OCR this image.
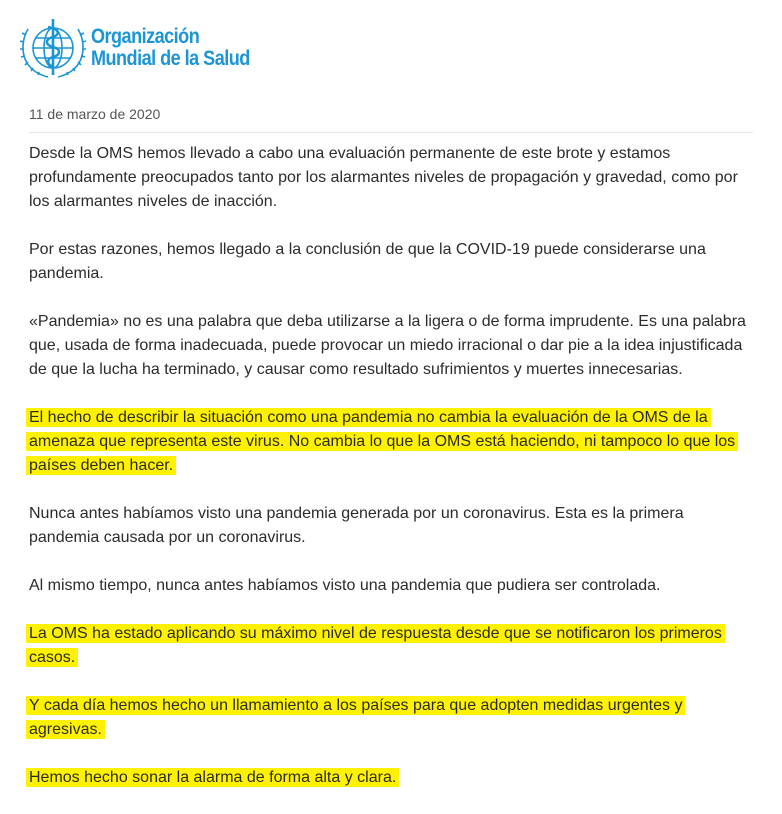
Organización
Mundial de la Salud
11 de marzo de 2020

Desde la OMS hemos llevado a cabo una evaluación permanente de este brote y estamos profundamente preocupados tanto por los alarmantes niveles de propagación y gravedad, como por los alarmantes niveles de inacción.

Por estas razones, hemos llegado a la conclusión de que la COVID-19 puede considerarse una pandemia.

«Pandemia» no es una palabra que deba utilizarse a la ligera o de forma imprudente. Es una palabra que, usada de forma inadecuada, puede provocar un miedo irracional o dar pie a la idea injustificada de que la lucha ha terminado, y causar como resultado sufrimientos y muertes innecesarias.

El hecho de describir la situación como una pandemia no cambia la evaluación de la OMS de la amenaza que representa este virus. No cambia lo que la OMS está haciendo, ni tampoco lo que los países deben hacer.

Nunca antes habíamos visto una pandemia generada por un coronavirus. Esta es la primera pandemia causada por un coronavirus.

Al mismo tiempo, nunca antes habíamos visto una pandemia que pudiera ser controlada.

La OMS ha estado aplicando su máximo nivel de respuesta desde que se notificaron los primeros casos.

Y cada día hemos hecho un llamamiento a los países para que adopten medidas urgentes y agresivas.

Hemos hecho sonar la alarma de forma alta y clara.
